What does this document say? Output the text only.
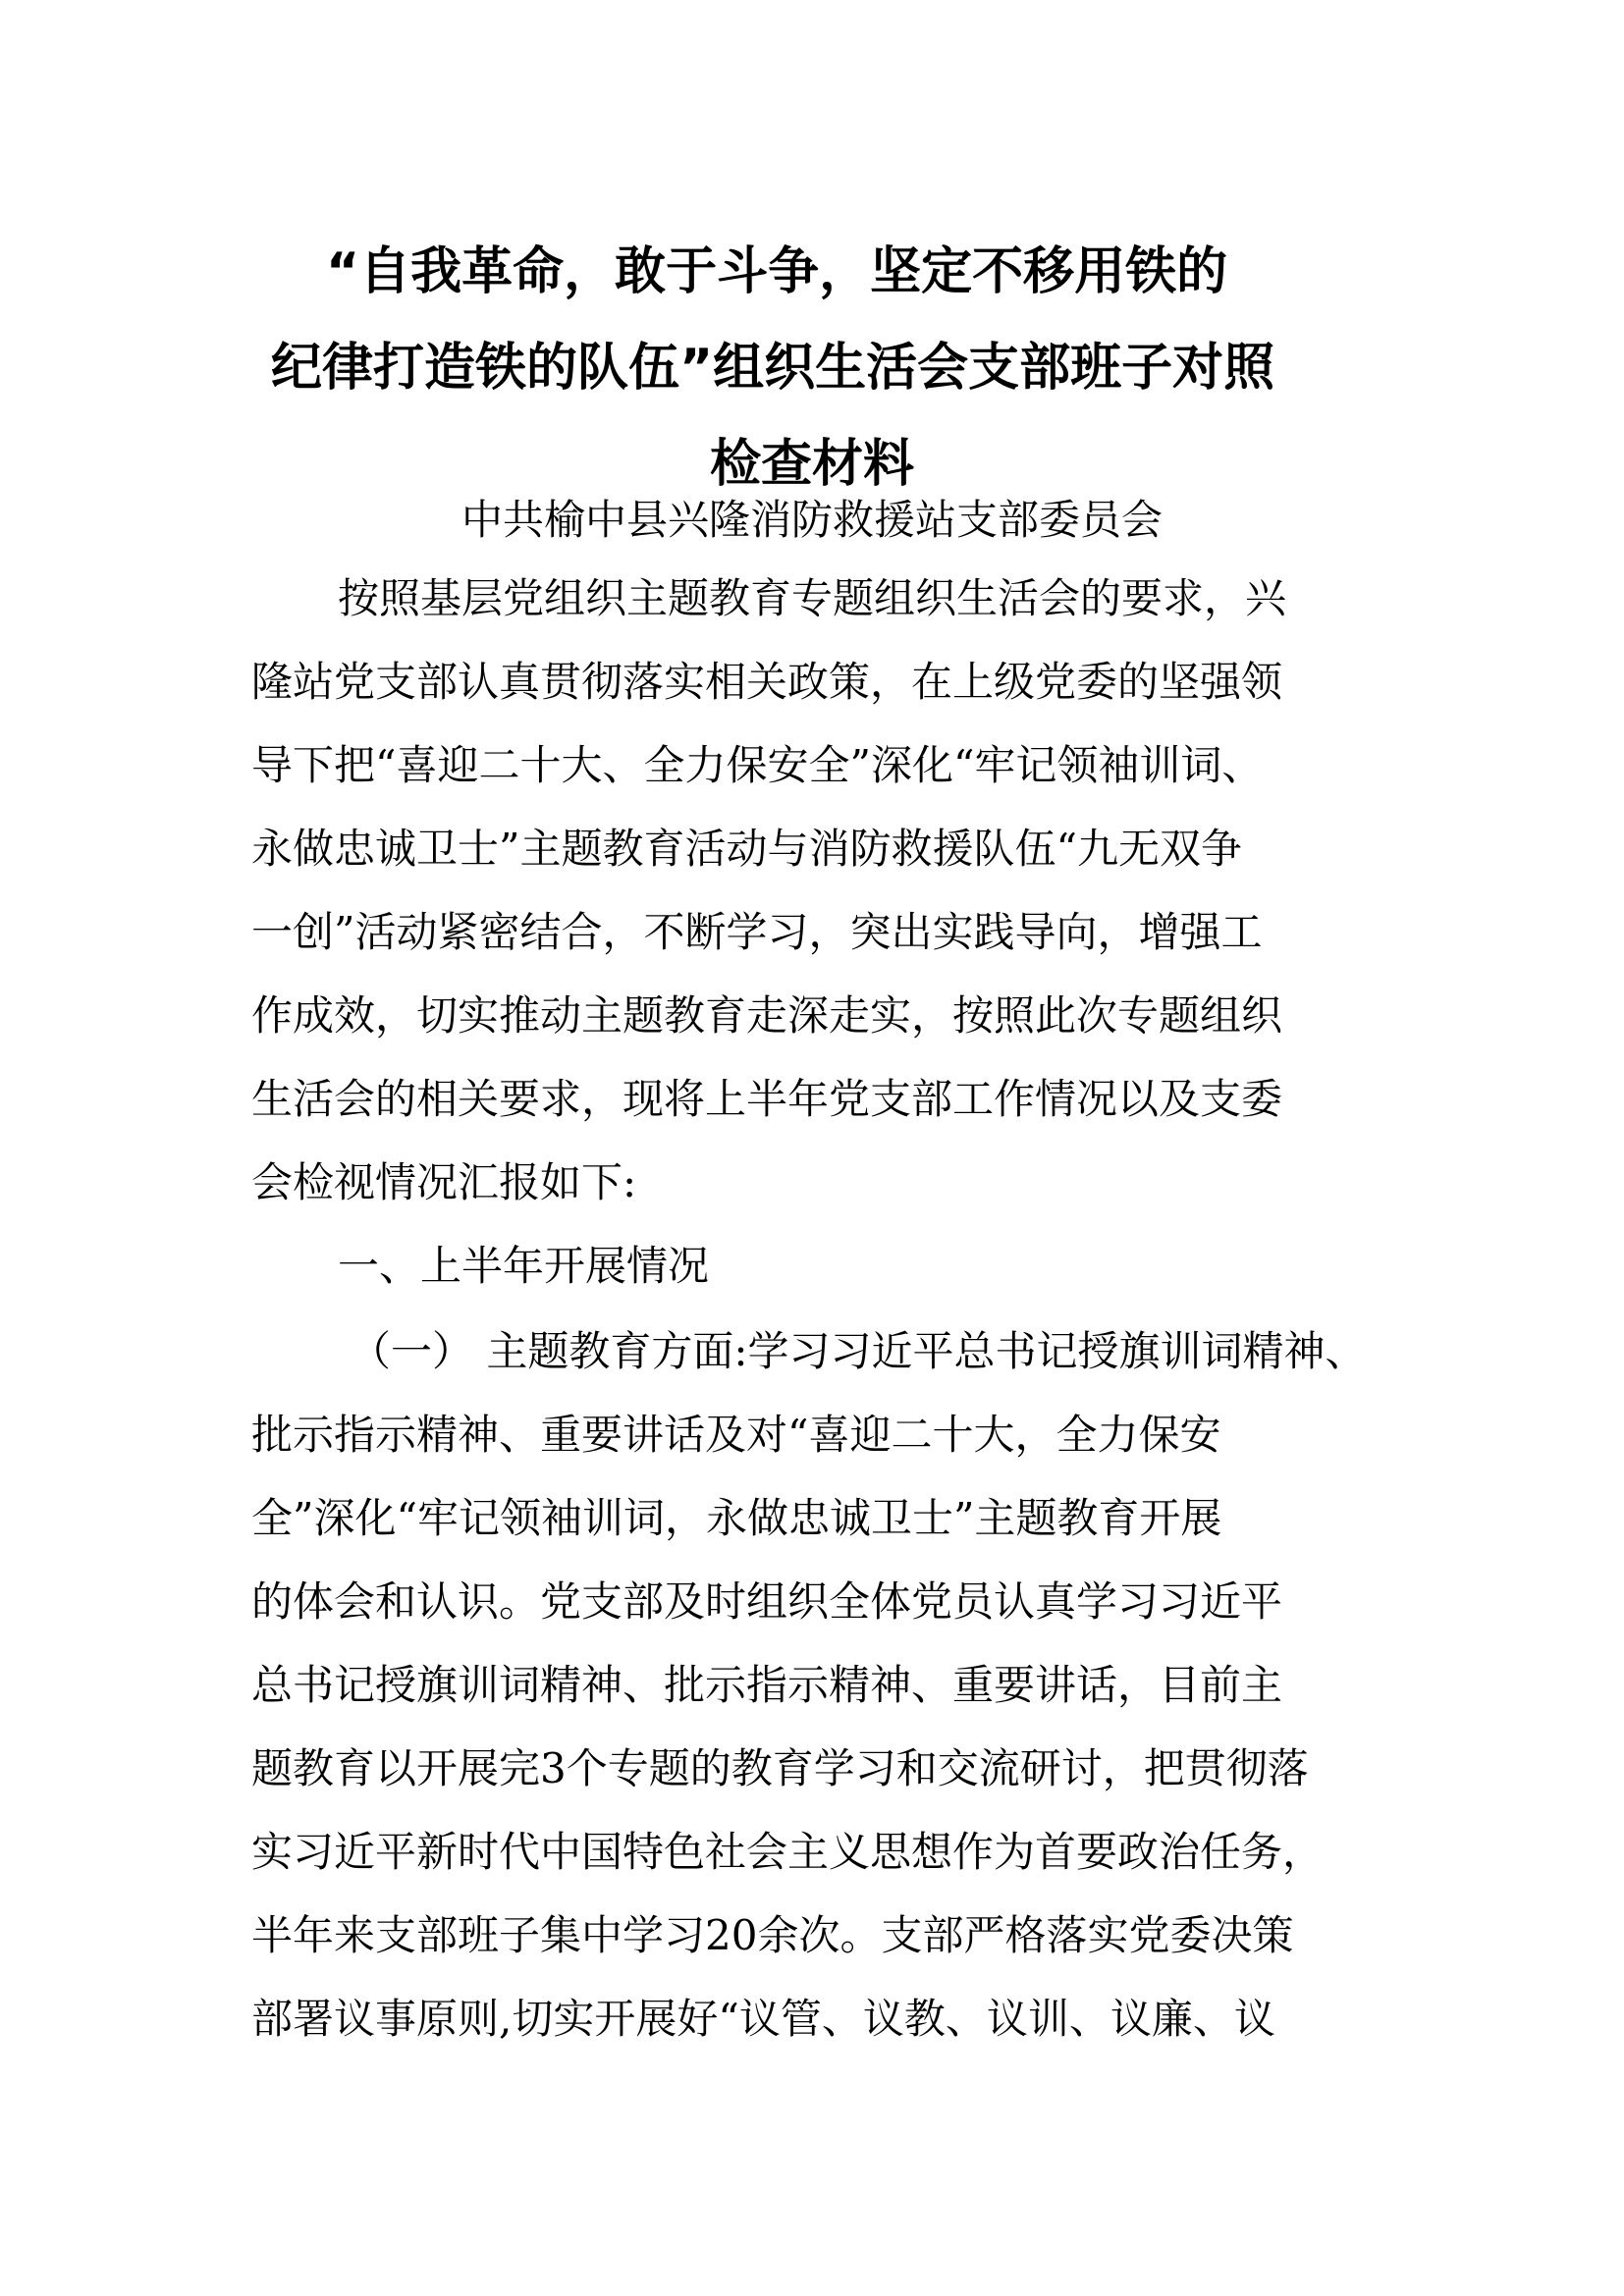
“自我革命，敢于斗争，坚定不移用铁的
纪律打造铁的队伍”组织生活会支部班子对照
检查材料
中共榆中县兴隆消防救援站支部委员会
按照基层党组织主题教育专题组织生活会的要求，兴
隆站党支部认真贯彻落实相关政策，在上级党委的坚强领
导下把“喜迎二十大、全力保安全”深化“牢记领袖训词、
永做忠诚卫士”主题教育活动与消防救援队伍“九无双争
一创”活动紧密结合，不断学习，突出实践导向，增强工
作成效，切实推动主题教育走深走实，按照此次专题组织
生活会的相关要求，现将上半年党支部工作情况以及支委
会检视情况汇报如下:
一、上半年开展情况
（一） 主题教育方面:学习习近平总书记授旗训词精神、
批示指示精神、重要讲话及对“喜迎二十大，全力保安
全”深化“牢记领袖训词，永做忠诚卫士”主题教育开展
的体会和认识。党支部及时组织全体党员认真学习习近平
总书记授旗训词精神、批示指示精神、重要讲话，目前主
题教育以开展完3个专题的教育学习和交流研讨，把贯彻落
实习近平新时代中国特色社会主义思想作为首要政治任务，
半年来支部班子集中学习20余次。支部严格落实党委决策
部署议事原则,切实开展好“议管、议教、议训、议廉、议
